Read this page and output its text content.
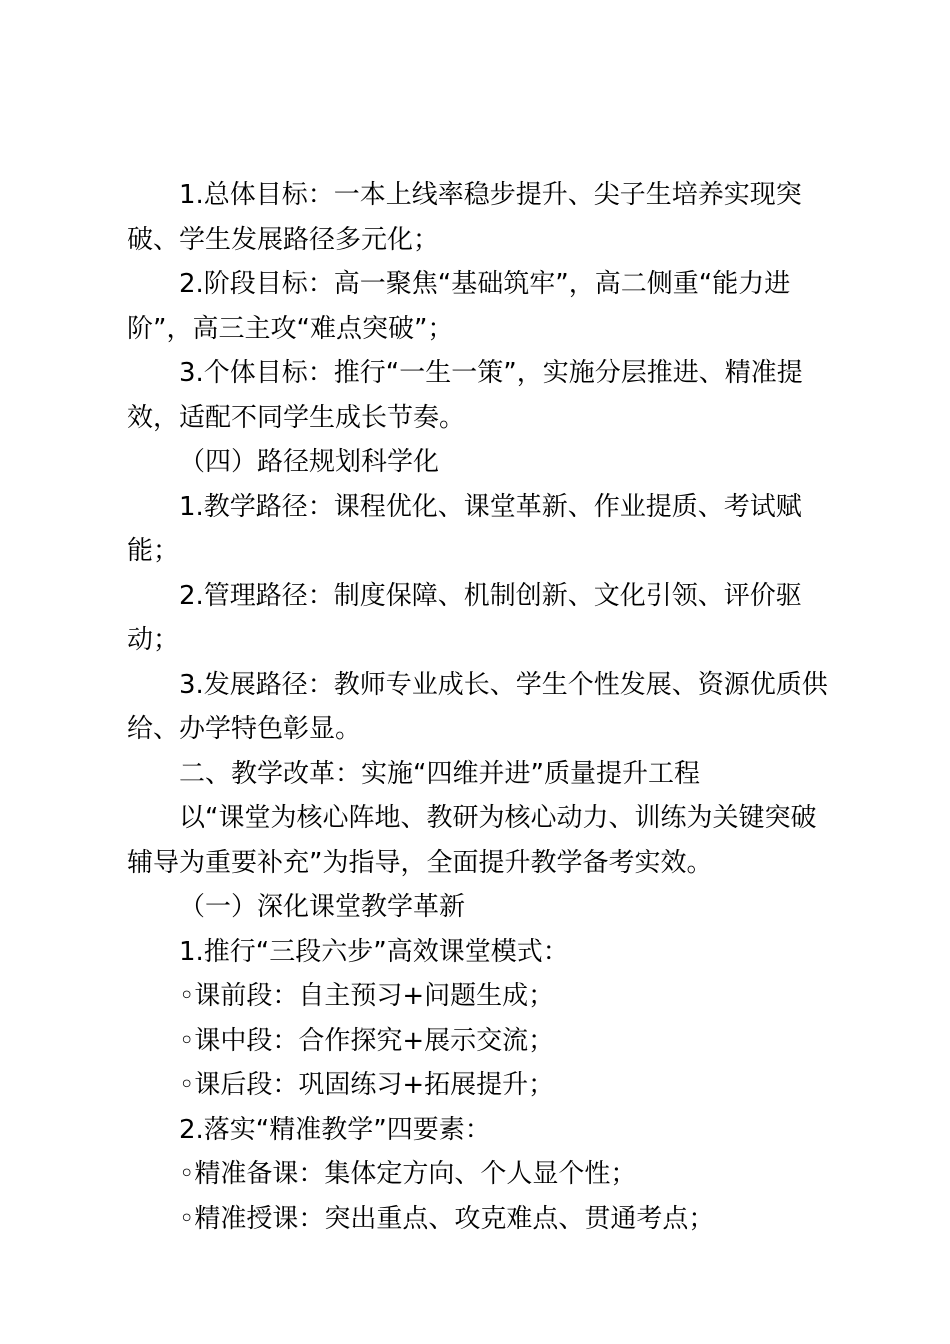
1.总体目标：一本上线率稳步提升、尖子生培养实现突破、学生发展路径多元化；

2.阶段目标：高一聚焦“基础筑牢”，高二侧重“能力进阶”，高三主攻“难点突破”；

3.个体目标：推行“一生一策”，实施分层推进、精准提效，适配不同学生成长节奏。

（四）路径规划科学化

1.教学路径：课程优化、课堂革新、作业提质、考试赋能；

2.管理路径：制度保障、机制创新、文化引领、评价驱动；

3.发展路径：教师专业成长、学生个性发展、资源优质供给、办学特色彰显。

二、教学改革：实施“四维并进”质量提升工程

以“课堂为核心阵地、教研为核心动力、训练为关键突破辅导为重要补充”为指导，全面提升教学备考实效。

（一）深化课堂教学革新

1.推行“三段六步”高效课堂模式：

◦课前段：自主预习+问题生成；

◦课中段：合作探究+展示交流；

◦课后段：巩固练习+拓展提升；

2.落实“精准教学”四要素：

◦精准备课：集体定方向、个人显个性；

◦精准授课：突出重点、攻克难点、贯通考点；
